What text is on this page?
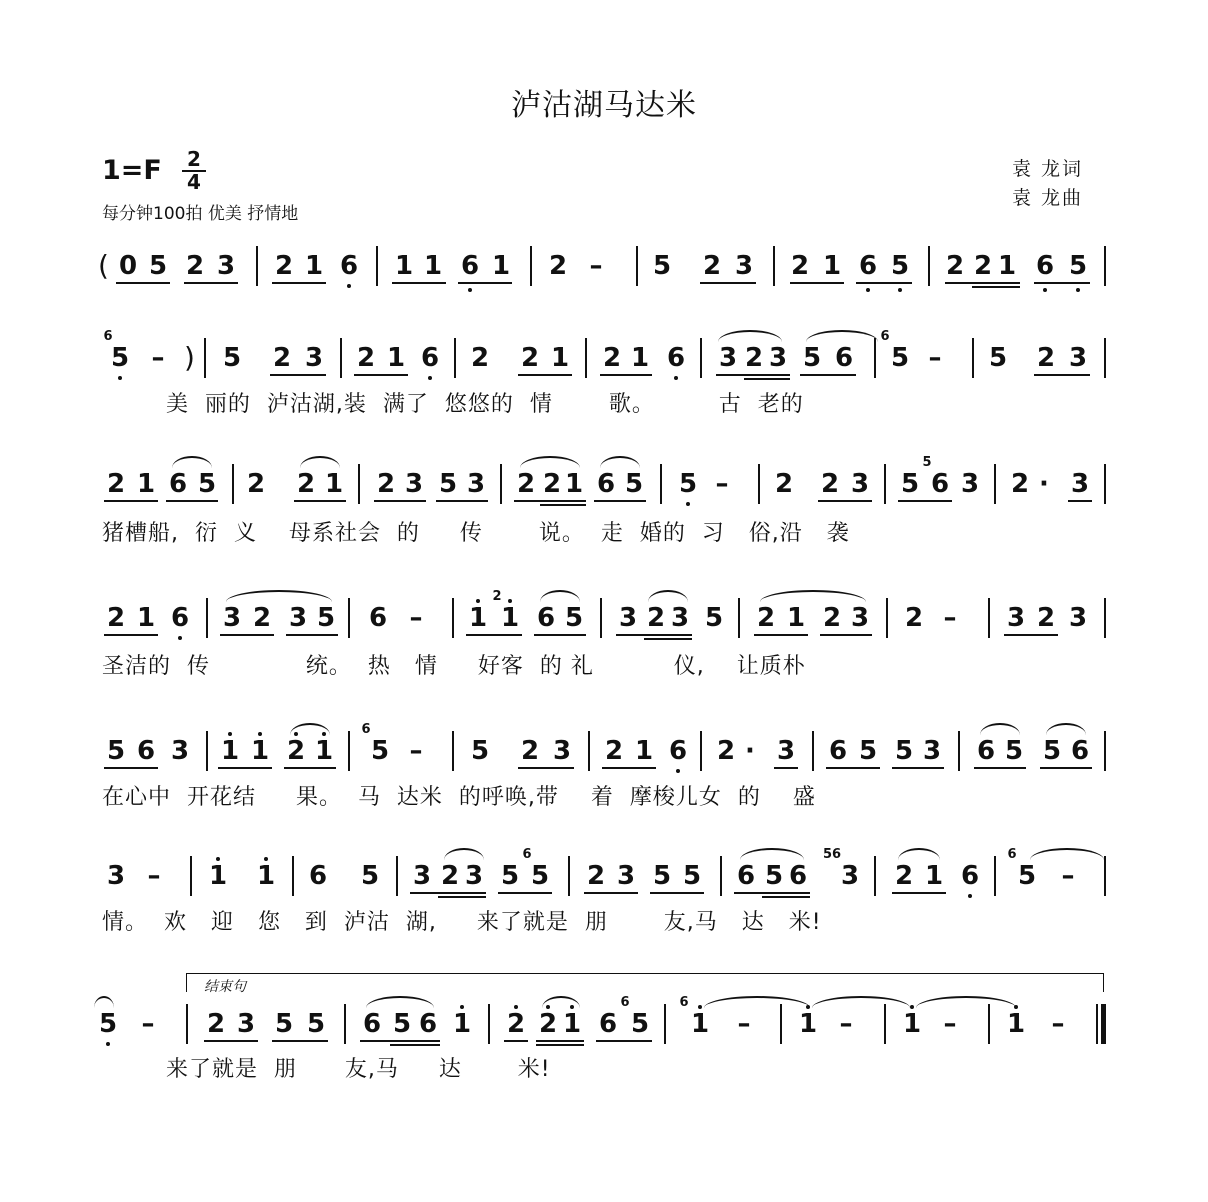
泸沽湖马达米
1=F	2
4
每分钟100拍 优美 抒情地
袁 龙词
袁 龙曲
( 0 5 2 3 2 1 6 1 1 6 1 2 – 5 2 3 2 1 6 5 2 2 1 6 5
6
5 – ) 5 2 3 2 1 6 2 2 1 2 1 6 3 2 3 5 6
6
5 – 5 2 3
2 1 6 5 2 2 1 2 3 5 3 2 2 1 6 5 5 – 2 2 3 5
5
6 3 2 · 3
2 1 6 3 2 3 5 6 – 1
2
1 6 5 3 2 3 5 2 1 2 3 2 – 3 2 3
5 6 3 1 1 2 1
6
5 – 5 2 3 2 1 6 2 · 3 6 5 5 3 6 5 5 6
3 – 1 1 6 5 3 2 3 5
6
5 2 3 5 5 6 5 6
56
3 2 1 6
6
5 –
5 – 2 3 5 5 6 5 6 1 2 2 1 6
6
5
6
1 – 1 – 1 – 1 –
结束句
美  丽的  泸沽湖,装  满了  悠悠的  情       歌。        古  老的
猪槽船,  衍  义    母系社会  的     传       说。  走  婚的  习   俗,沿   袭
圣洁的  传            统。  热   情     好客  的 礼          仪,    让质朴
在心中  开花结     果。  马  达米  的呼唤,带    着  摩梭儿女  的    盛
情。  欢   迎   您   到  泸沽  湖,     来了就是  朋       友,马   达   米!
来了就是  朋      友,马     达       米!
